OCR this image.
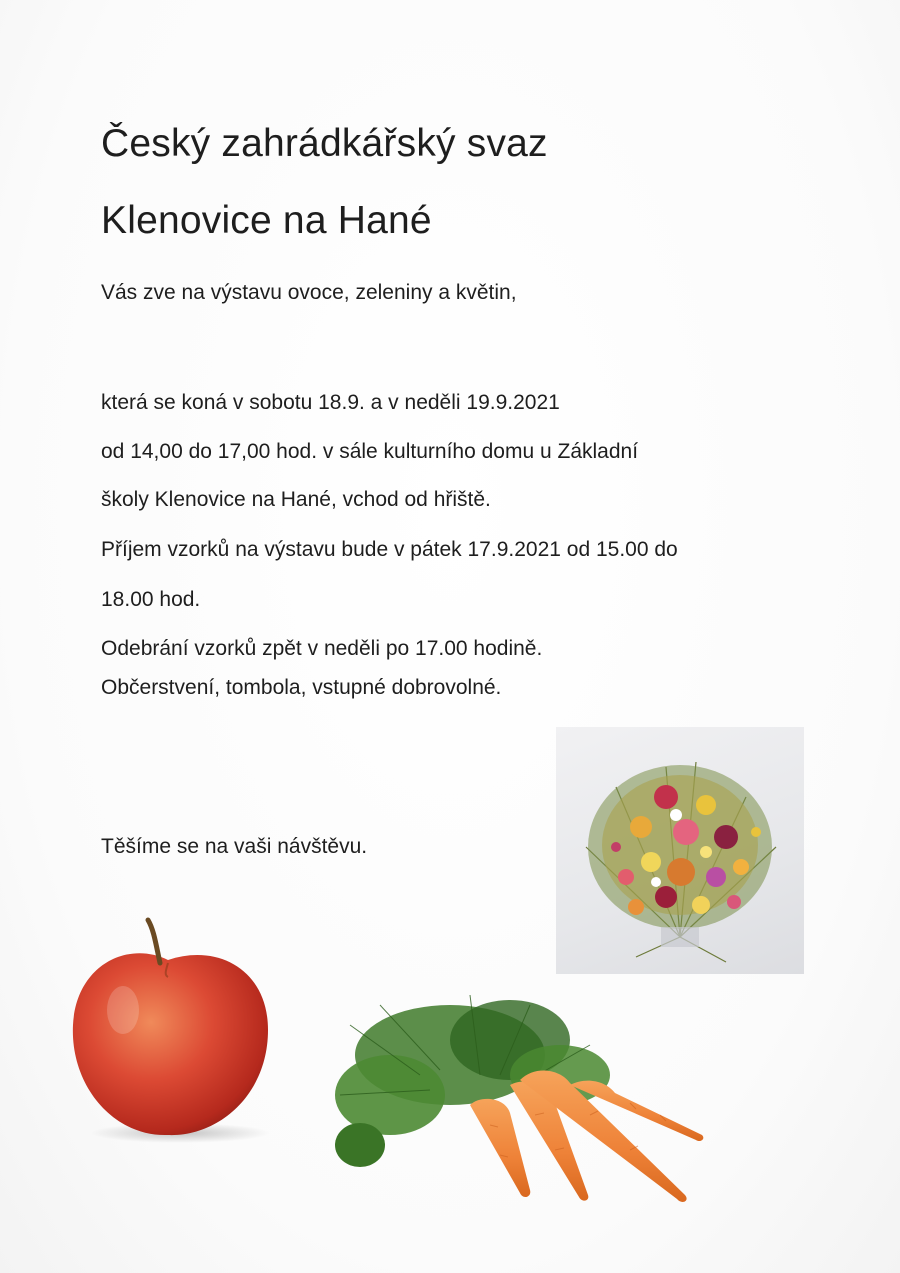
Český zahrádkářský svaz
Klenovice na Hané

Vás zve na výstavu ovoce, zeleniny a květin,

která se koná v sobotu 18.9. a v neděli 19.9.2021

od 14,00 do 17,00 hod. v sále kulturního domu u Základní

školy Klenovice na Hané, vchod od hřiště.

Příjem vzorků na výstavu bude v pátek 17.9.2021 od 15.00 do

18.00 hod.

Odebrání vzorků zpět v neděli po 17.00 hodině.

Občerstvení, tombola, vstupné dobrovolné.

Těšíme se na vaši návštěvu.
